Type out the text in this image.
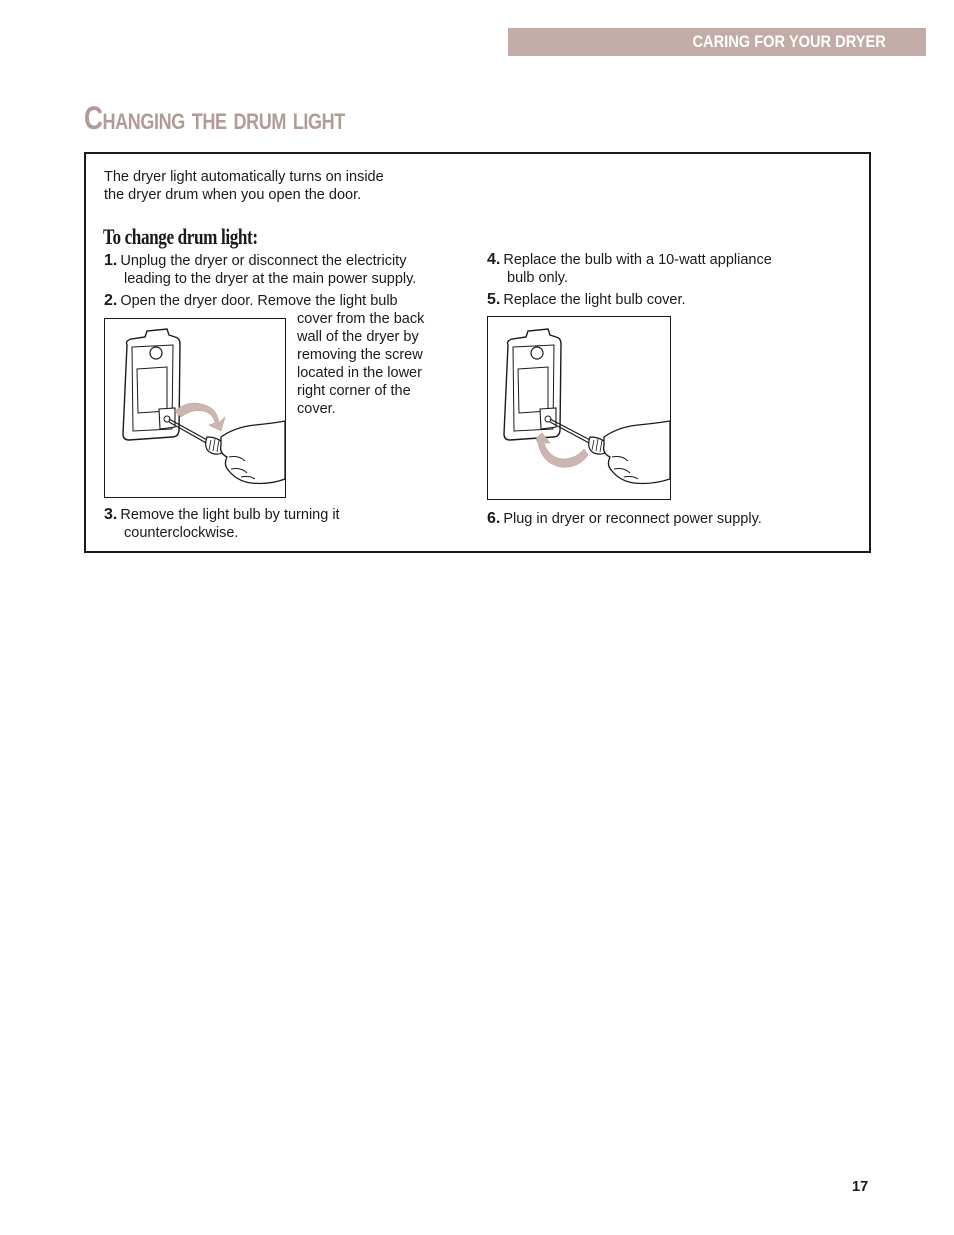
CARING FOR YOUR DRYER
Changing the drum light
The dryer light automatically turns on inside
the dryer drum when you open the door.
To change drum light:
1. Unplug the dryer or disconnect the electricity
leading to the dryer at the main power supply.
2. Open the dryer door. Remove the light bulb
cover from the back
wall of the dryer by
removing the screw
located in the lower
right corner of the
cover.
3. Remove the light bulb by turning it
counterclockwise.
4. Replace the bulb with a 10-watt appliance
bulb only.
5. Replace the light bulb cover.
6. Plug in dryer or reconnect power supply.
17
